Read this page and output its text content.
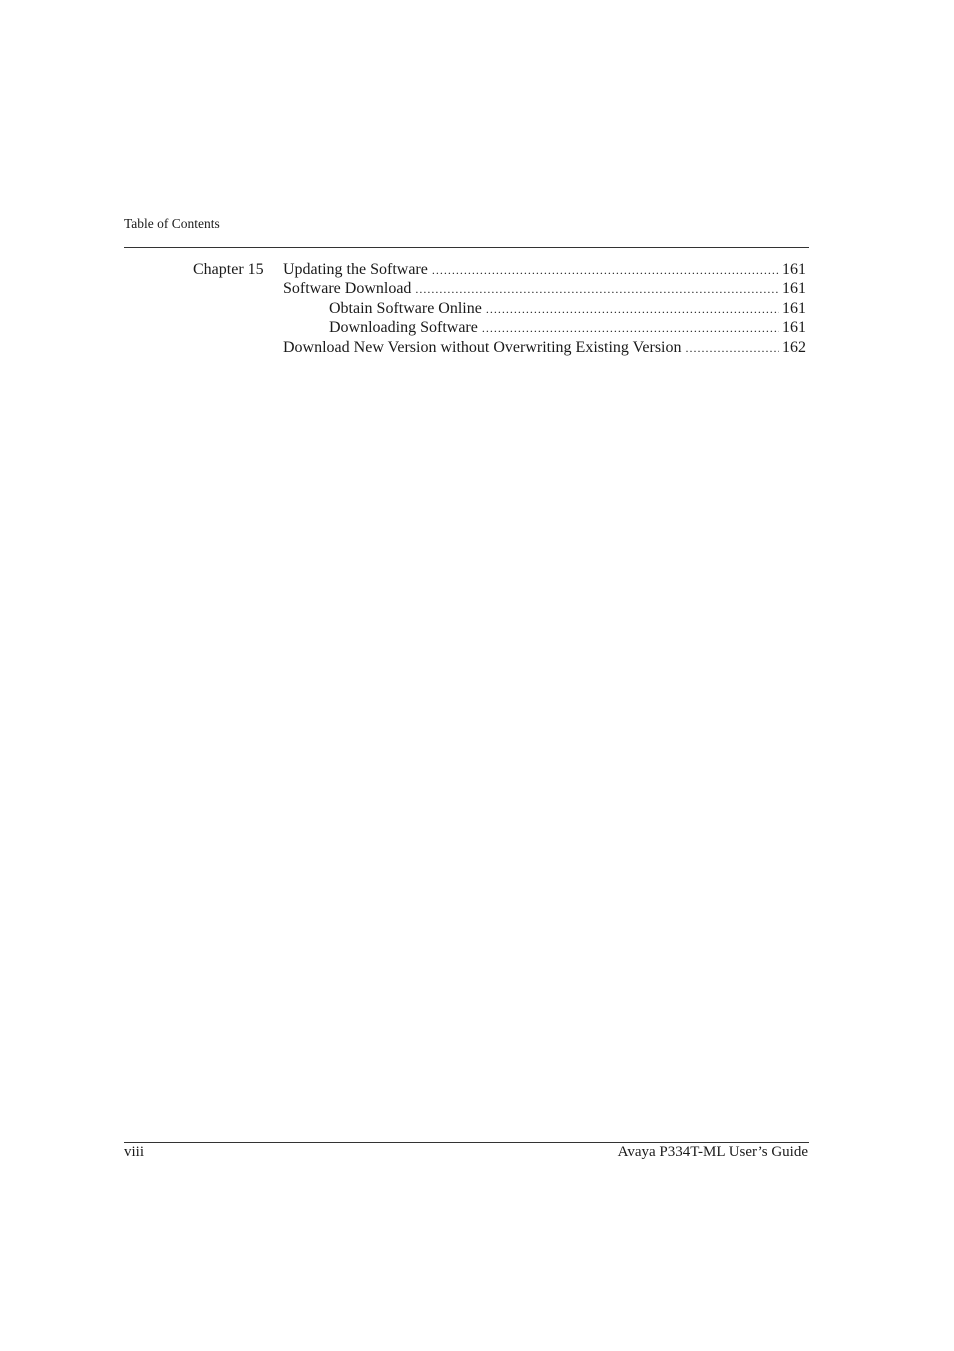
Table of Contents
Chapter 15 Updating the Software .....	161
Software Download .....	161
Obtain Software Online .....	161
Downloading Software .....	161
Download New Version without Overwriting Existing Version .....	162
viii	Avaya P334T-ML User’s Guide
